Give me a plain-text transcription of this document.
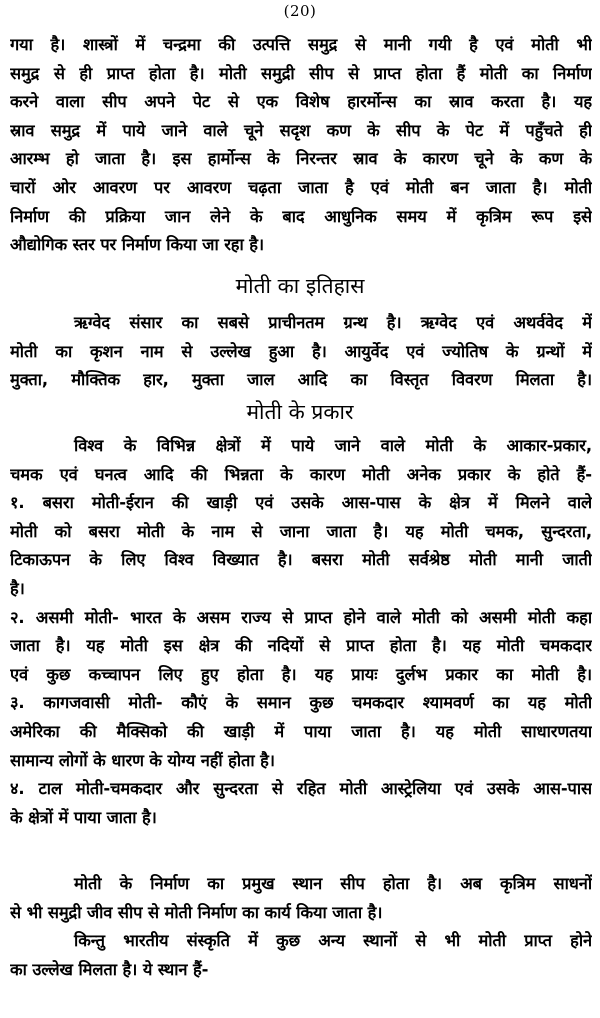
(20)
गया है। शास्त्रों में चन्द्रमा की उत्पत्ति समुद्र से मानी गयी है एवं मोती भी
समुद्र से ही प्राप्त होता है। मोती समुद्री सीप से प्राप्त होता हैं मोती का निर्माण
करने वाला सीप अपने पेट से एक विशेष हारर्मोन्स का स्राव करता है। यह
स्राव समुद्र में पाये जाने वाले चूने सदृश कण के सीप के पेट में पहुँचते ही
आरम्भ हो जाता है। इस हार्मोन्स के निरन्तर स्राव के कारण चूने के कण के
चारों ओर आवरण पर आवरण चढ़ता जाता है एवं मोती बन जाता है। मोती
निर्माण की प्रक्रिया जान लेने के बाद आधुनिक समय में कृत्रिम रूप इसे
औद्योगिक स्तर पर निर्माण किया जा रहा है।
मोती का इतिहास
ऋग्वेद संसार का सबसे प्राचीनतम ग्रन्थ है। ऋग्वेद एवं अथर्ववेद में
मोती का कृशन नाम से उल्लेख हुआ है। आयुर्वेद एवं ज्योतिष के ग्रन्थों में
मुक्ता, मौक्तिक हार, मुक्ता जाल आदि का विस्तृत विवरण मिलता है।
मोती के प्रकार
विश्व के विभिन्न क्षेत्रों में पाये जाने वाले मोती के आकार-प्रकार,
चमक एवं घनत्व आदि की भिन्नता के कारण मोती अनेक प्रकार के होते हैं-
१. बसरा मोती-ईरान की खाड़ी एवं उसके आस-पास के क्षेत्र में मिलने वाले
मोती को बसरा मोती के नाम से जाना जाता है। यह मोती चमक, सुन्दरता,
टिकाऊपन के लिए विश्व विख्यात है। बसरा मोती सर्वश्रेष्ठ मोती मानी जाती
है।
२. असमी मोती- भारत के असम राज्य से प्राप्त होने वाले मोती को असमी मोती कहा
जाता है। यह मोती इस क्षेत्र की नदियों से प्राप्त होता है। यह मोती चमकदार
एवं कुछ कच्चापन लिए हुए होता है। यह प्रायः दुर्लभ प्रकार का मोती है।
३. कागजवासी मोती- कौएं के समान कुछ चमकदार श्यामवर्ण का यह मोती
अमेरिका की मैक्सिको की खाड़ी में पाया जाता है। यह मोती साधारणतया
सामान्य लोगों के धारण के योग्य नहीं होता है।
४. टाल मोती-चमकदार और सुन्दरता से रहित मोती आस्ट्रेलिया एवं उसके आस-पास
के क्षेत्रों में पाया जाता है।
मोती के निर्माण का प्रमुख स्थान सीप होता है। अब कृत्रिम साधनों
से भी समुद्री जीव सीप से मोती निर्माण का कार्य किया जाता है।
किन्तु भारतीय संस्कृति में कुछ अन्य स्थानों से भी मोती प्राप्त होने
का उल्लेख मिलता है। ये स्थान हैं-
